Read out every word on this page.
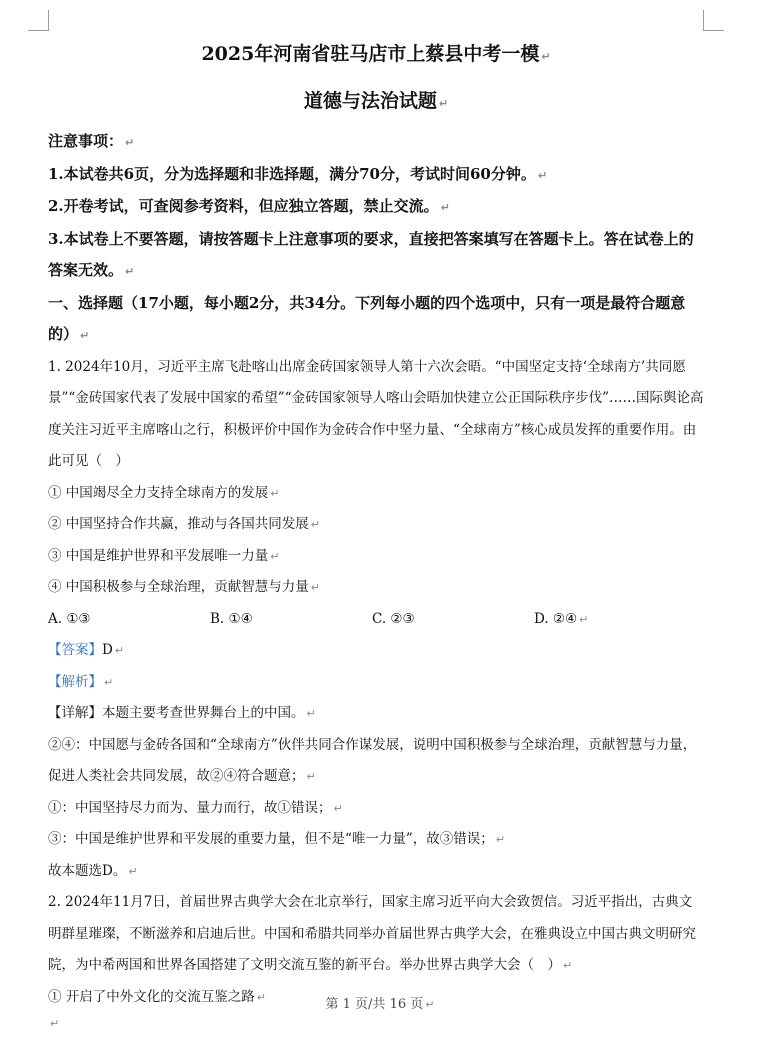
2025年河南省驻马店市上蔡县中考一模 ↵
道德与法治试题 ↵

注意事项： ↵

1.本试卷共6页，分为选择题和非选择题，满分70分，考试时间60分钟。 ↵

2.开卷考试，可查阅参考资料，但应独立答题，禁止交流。 ↵

3.本试卷上不要答题，请按答题卡上注意事项的要求，直接把答案填写在答题卡上。答在试卷上的答案无效。 ↵

一、选择题（17小题，每小题2分，共34分。下列每小题的四个选项中，只有一项是最符合题意的） ↵

1. 2024年10月，习近平主席飞赴喀山出席金砖国家领导人第十六次会晤。“中国坚定支持‘全球南方’共同愿景”“金砖国家代表了发展中国家的希望”“金砖国家领导人喀山会晤加快建立公正国际秩序步伐”……国际舆论高度关注习近平主席喀山之行，积极评价中国作为金砖合作中坚力量、“全球南方”核心成员发挥的重要作用。由此可见（　）

① 中国竭尽全力支持全球南方的发展 ↵

② 中国坚持合作共赢，推动与各国共同发展 ↵

③ 中国是维护世界和平发展唯一力量 ↵

④ 中国积极参与全球治理，贡献智慧与力量 ↵

A. ①③	B. ①④	C. ②③	D. ②④ ↵

【答案】D ↵

【解析】 ↵

【详解】本题主要考查世界舞台上的中国。 ↵

②④：中国愿与金砖各国和“全球南方”伙伴共同合作谋发展，说明中国积极参与全球治理，贡献智慧与力量，促进人类社会共同发展，故②④符合题意； ↵

①：中国坚持尽力而为、量力而行，故①错误； ↵

③：中国是维护世界和平发展的重要力量，但不是“唯一力量”，故③错误； ↵

故本题选D。 ↵

2. 2024年11月7日，首届世界古典学大会在北京举行，国家主席习近平向大会致贺信。习近平指出，古典文明群星璀璨，不断滋养和启迪后世。中国和希腊共同举办首届世界古典学大会，在雅典设立中国古典文明研究院，为中希两国和世界各国搭建了文明交流互鉴的新平台。举办世界古典学大会（　） ↵

① 开启了中外文化的交流互鉴之路 ↵	第 1 页/共 16 页 ↵
↵
